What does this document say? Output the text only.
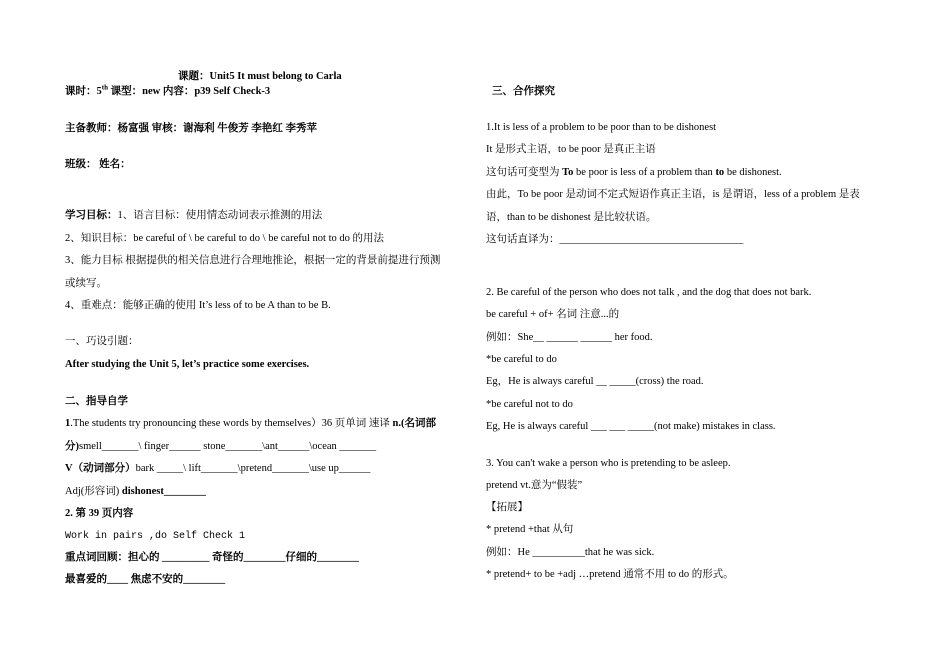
课题：Unit5 It must belong to Carla
课时：5th 课型：new 内容：p39 Self Check-3
主备教师：杨富强 审核：谢海利 牛俊芳 李艳红 李秀苹
班级： 姓名：
学习目标：1、语言目标：使用情态动词表示推测的用法
2、知识目标：be careful of \ be careful to do \ be careful not to do 的用法
3、能力目标 根据提供的相关信息进行合理地推论，根据一定的背景前提进行预测
或续写。
4、重难点：能够正确的使用 It’s less of to be A than to be B.
一、巧设引题：
After studying the Unit 5, let’s practice some exercises.
二、指导自学
1.The students try pronouncing these words by themselves）36 页单词 速译 n.(名词部
分)smell_______\ finger______ stone_______\ant______\ocean _______
V（动词部分）bark _____\ lift_______\pretend_______\use up______
Adj(形容词) dishonest________
2. 第 39 页内容
Work in pairs ,do Self Check 1
重点词回顾：担心的 _________ 奇怪的________仔细的________
最喜爱的____ 焦虑不安的________
三、合作探究
1.It is less of a problem to be poor than to be dishonest
It 是形式主语，to be poor 是真正主语
这句话可变型为 To be poor is less of a problem than to be dishonest.
由此，To be poor 是动词不定式短语作真正主语，is 是谓语，less of a problem 是表
语，than to be dishonest 是比较状语。
这句话直译为：___________________________________
2. Be careful of the person who does not talk , and the dog that does not bark.
be careful + of+ 名词 注意...的
例如：She__ ______ ______ her food.
*be careful to do
Eg，He is always careful __ _____(cross) the road.
*be careful not to do
Eg, He is always careful ___ ___ _____(not make) mistakes in class.
3. You can't wake a person who is pretending to be asleep.
pretend vt.意为“假装”
【拓展】
* pretend +that 从句
例如：He __________that he was sick.
* pretend+ to be +adj …pretend 通常不用 to do 的形式。
